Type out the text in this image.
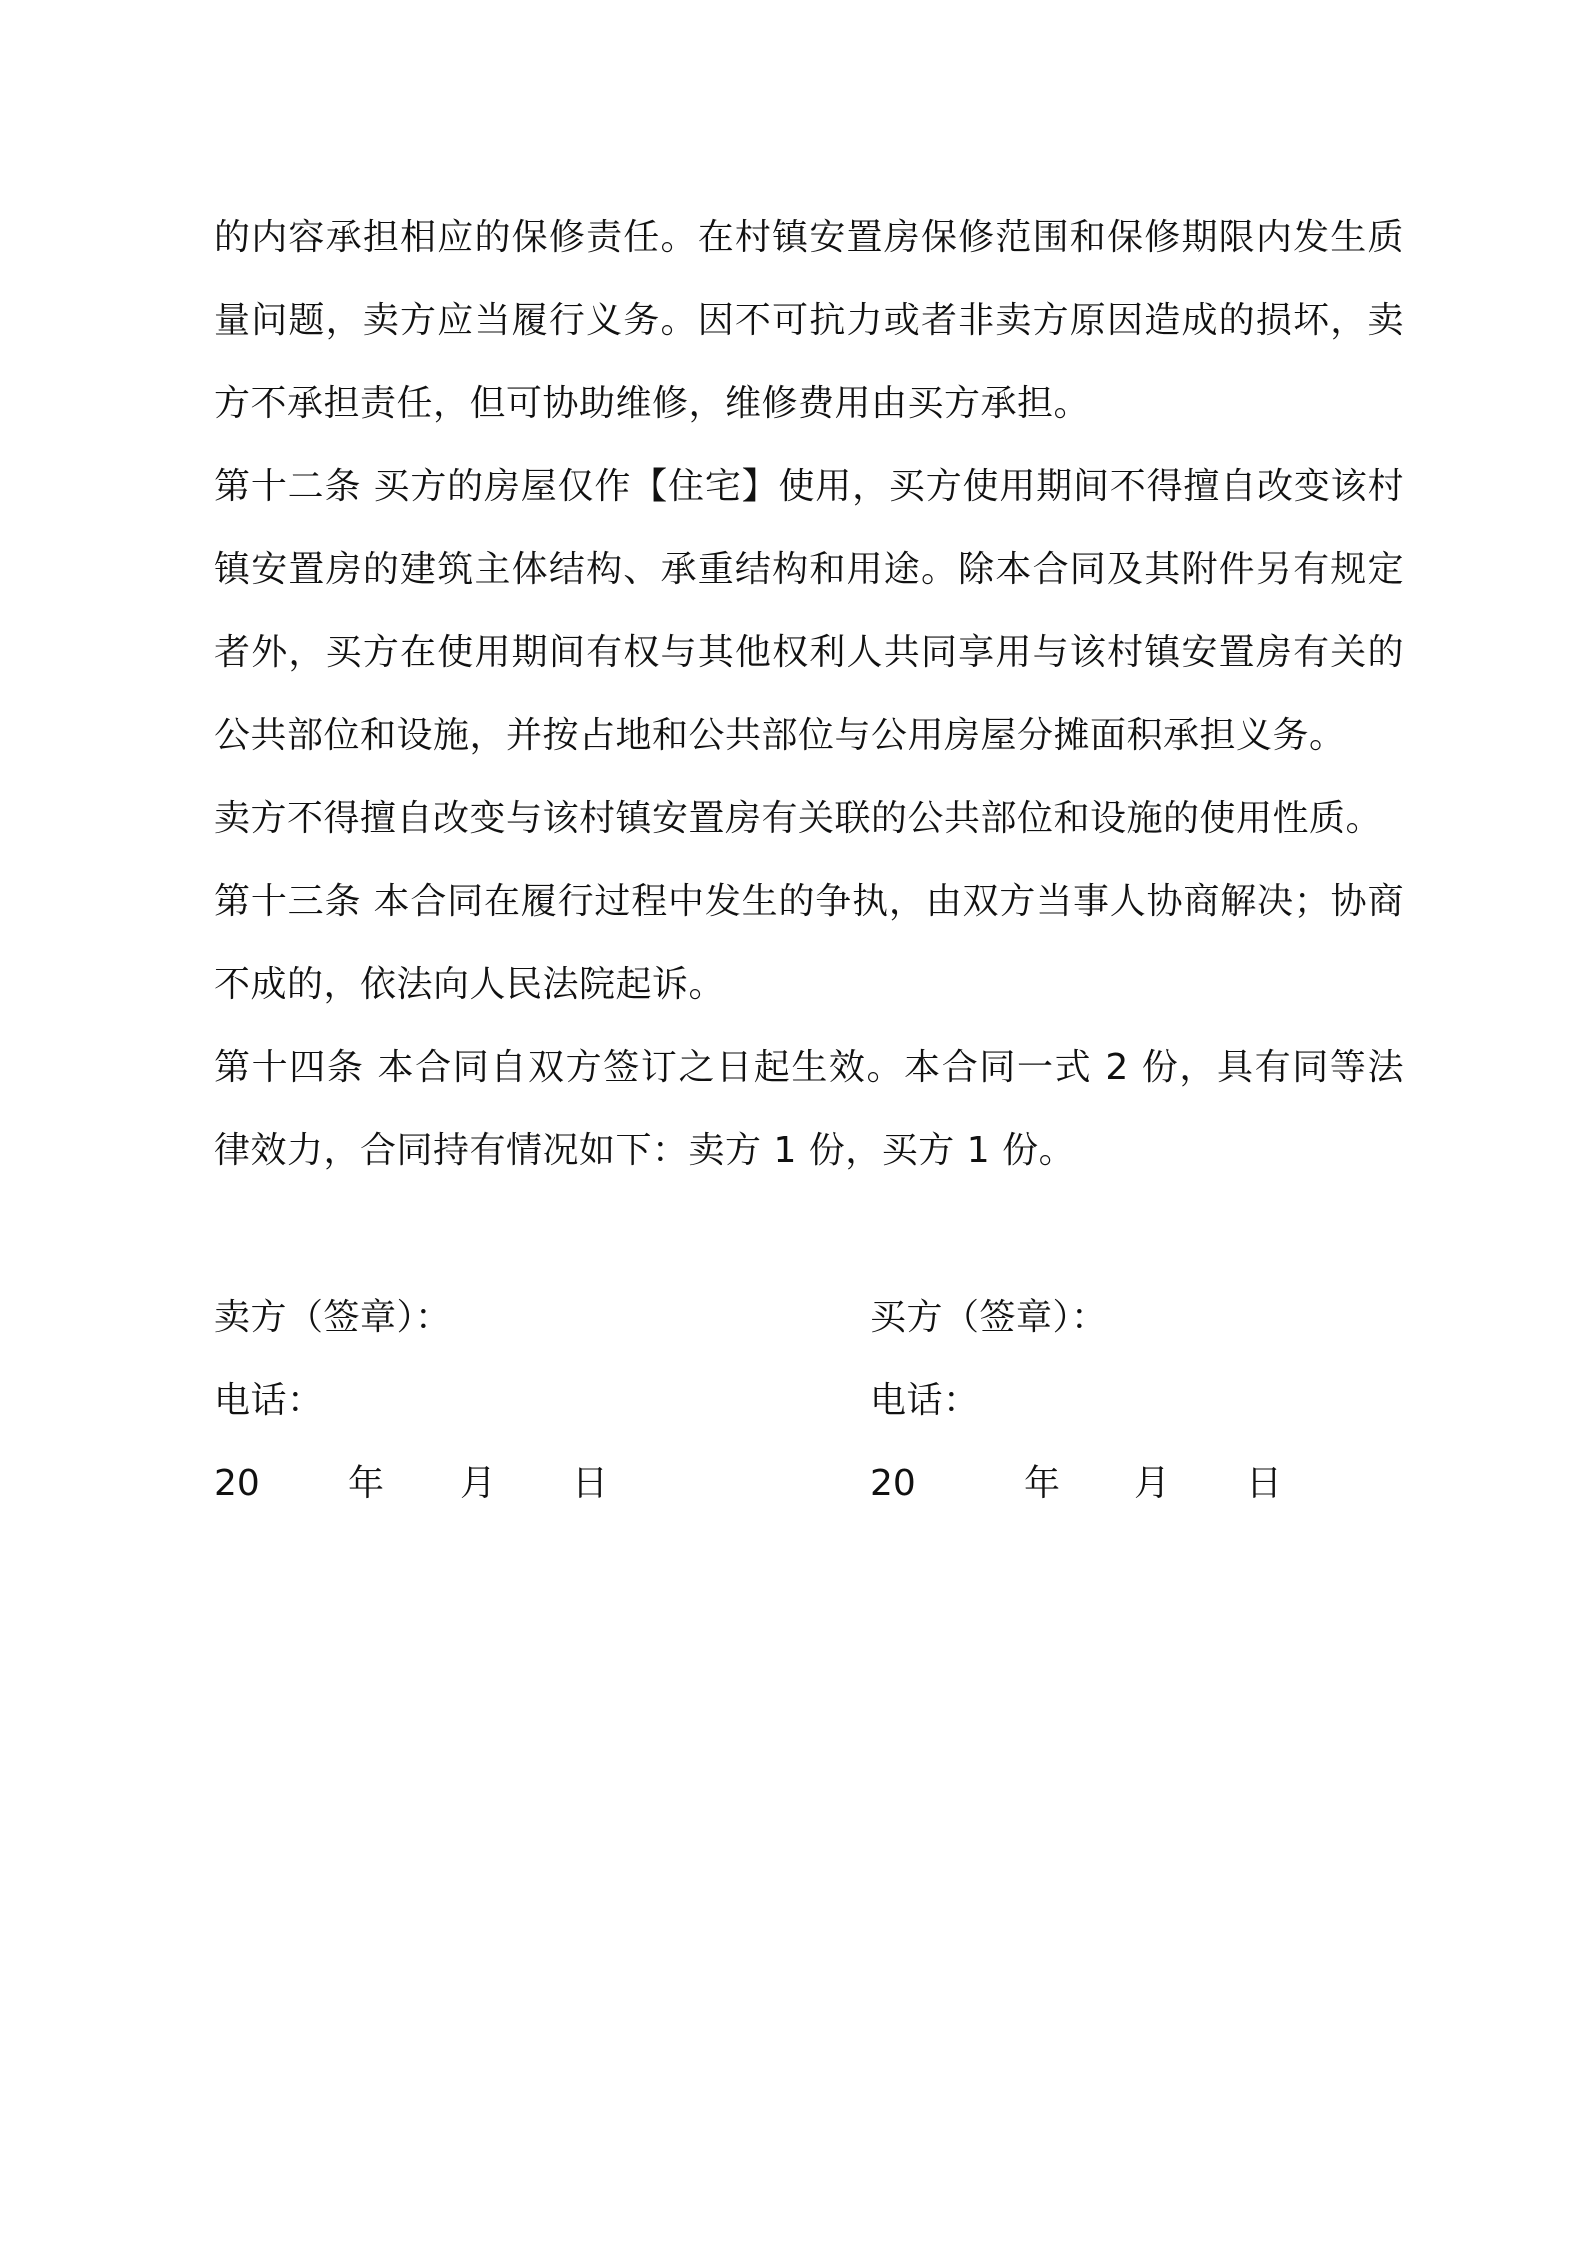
的内容承担相应的保修责任。在村镇安置房保修范围和保修期限内发生质量问题，卖方应当履行义务。因不可抗力或者非卖方原因造成的损坏，卖方不承担责任，但可协助维修，维修费用由买方承担。

第十二条 买方的房屋仅作【住宅】使用，买方使用期间不得擅自改变该村镇安置房的建筑主体结构、承重结构和用途。除本合同及其附件另有规定者外，买方在使用期间有权与其他权利人共同享用与该村镇安置房有关的公共部位和设施，并按占地和公共部位与公用房屋分摊面积承担义务。

卖方不得擅自改变与该村镇安置房有关联的公共部位和设施的使用性质。

第十三条 本合同在履行过程中发生的争执，由双方当事人协商解决；协商不成的，依法向人民法院起诉。

第十四条 本合同自双方签订之日起生效。本合同一式 2 份，具有同等法律效力，合同持有情况如下：卖方 1 份，买方 1 份。

卖方（签章）：	买方（签章）：
电话：	电话：
20 年 月 日	20	年 月 日
